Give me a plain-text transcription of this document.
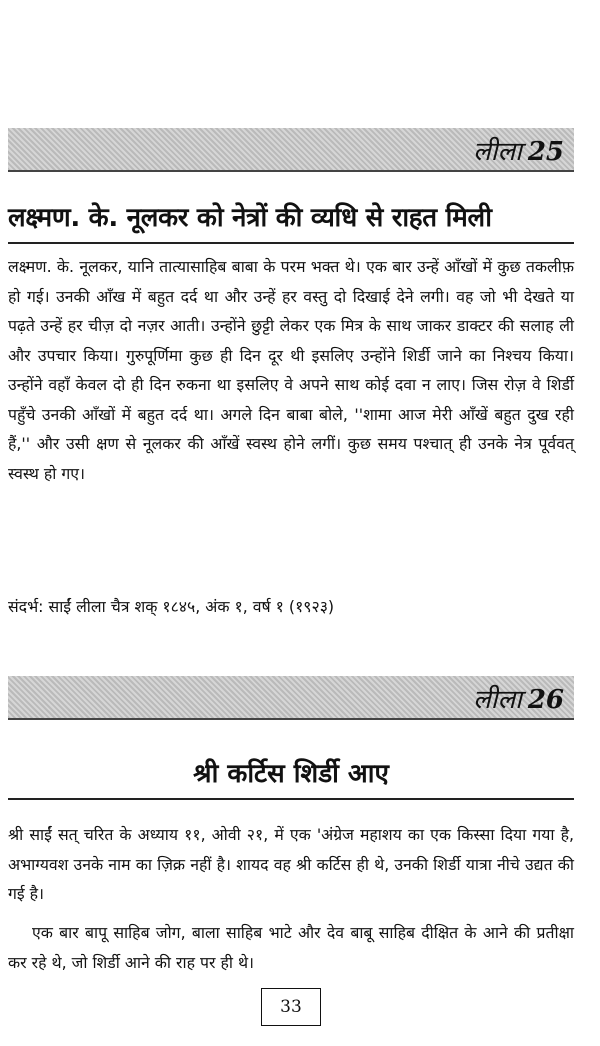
लीला 25
लक्ष्मण. के. नूलकर को नेत्रों की व्यधि से राहत मिली

लक्ष्मण. के. नूलकर, यानि तात्यासाहिब बाबा के परम भक्त थे। एक बार उन्हें आँखों में कुछ तकलीफ़ हो गई। उनकी आँख में बहुत दर्द था और उन्हें हर वस्तु दो दिखाई देने लगी। वह जो भी देखते या पढ़ते उन्हें हर चीज़ दो नज़र आती। उन्होंने छुट्टी लेकर एक मित्र के साथ जाकर डाक्टर की सलाह ली और उपचार किया। गुरुपूर्णिमा कुछ ही दिन दूर थी इसलिए उन्होंने शिर्डी जाने का निश्चय किया। उन्होंने वहाँ केवल दो ही दिन रुकना था इसलिए वे अपने साथ कोई दवा न लाए। जिस रोज़ वे शिर्डी पहुँचे उनकी आँखों में बहुत दर्द था। अगले दिन बाबा बोले, ''शामा आज मेरी आँखें बहुत दुख रही हैं,'' और उसी क्षण से नूलकर की आँखें स्वस्थ होने लगीं। कुछ समय पश्चात् ही उनके नेत्र पूर्ववत् स्वस्थ हो गए।

संदर्भ: साईं लीला चैत्र शक् १८४५, अंक १, वर्ष १ (१९२३)
लीला 26
श्री कर्टिस शिर्डी आए

श्री साईं सत् चरित के अध्याय ११, ओवी २१, में एक 'अंग्रेज महाशय का एक किस्सा दिया गया है, अभाग्यवश उनके नाम का ज़िक्र नहीं है। शायद वह श्री कर्टिस ही थे, उनकी शिर्डी यात्रा नीचे उद्यत की गई है।

एक बार बापू साहिब जोग, बाला साहिब भाटे और देव बाबू साहिब दीक्षित के आने की प्रतीक्षा कर रहे थे, जो शिर्डी आने की राह पर ही थे।

33
